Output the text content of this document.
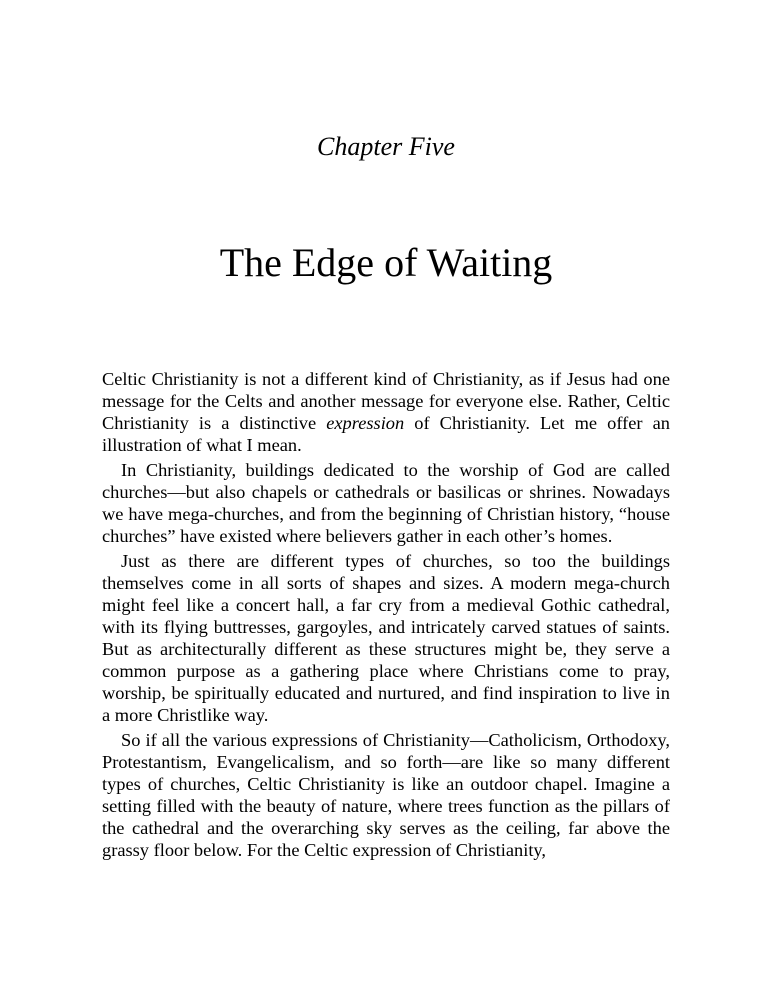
Chapter Five
The Edge of Waiting

Celtic Christianity is not a different kind of Christianity, as if Jesus had one message for the Celts and another message for everyone else. Rather, Celtic Christianity is a distinctive expression of Christianity. Let me offer an illustration of what I mean.

In Christianity, buildings dedicated to the worship of God are called churches—but also chapels or cathedrals or basilicas or shrines. Nowadays we have mega-churches, and from the beginning of Christian history, “house churches” have existed where believers gather in each other’s homes.

Just as there are different types of churches, so too the buildings themselves come in all sorts of shapes and sizes. A modern mega-church might feel like a concert hall, a far cry from a medieval Gothic cathedral, with its flying buttresses, gargoyles, and intricately carved statues of saints. But as architecturally different as these structures might be, they serve a common purpose as a gathering place where Christians come to pray, worship, be spiritually educated and nurtured, and find inspiration to live in a more Christlike way.

So if all the various expressions of Christianity—Catholicism, Orthodoxy, Protestantism, Evangelicalism, and so forth—are like so many different types of churches, Celtic Christianity is like an outdoor chapel. Imagine a setting filled with the beauty of nature, where trees function as the pillars of the cathedral and the overarching sky serves as the ceiling, far above the grassy floor below. For the Celtic expression of Christianity,
